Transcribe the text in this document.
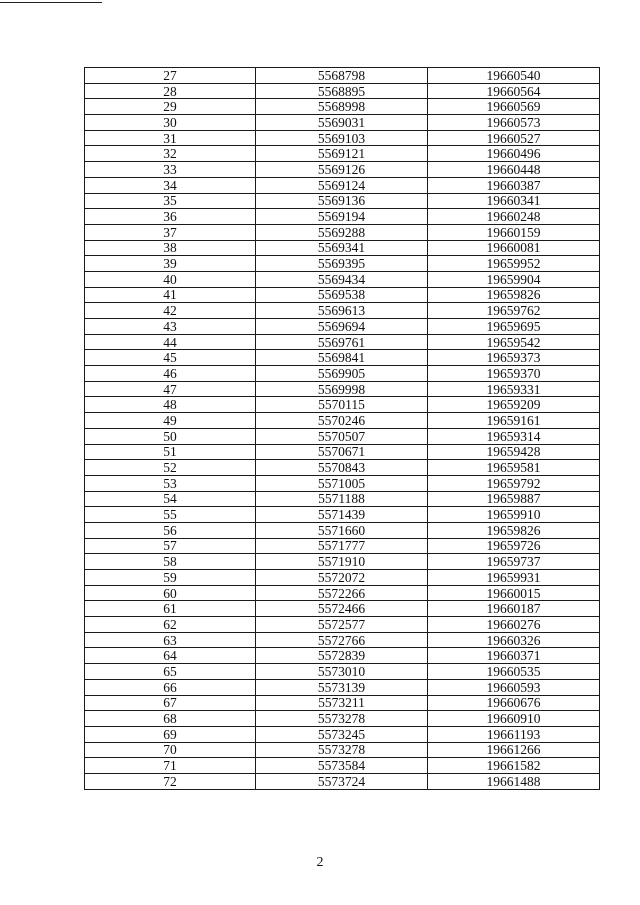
27	5568798	19660540
28	5568895	19660564
29	5568998	19660569
30	5569031	19660573
31	5569103	19660527
32	5569121	19660496
33	5569126	19660448
34	5569124	19660387
35	5569136	19660341
36	5569194	19660248
37	5569288	19660159
38	5569341	19660081
39	5569395	19659952
40	5569434	19659904
41	5569538	19659826
42	5569613	19659762
43	5569694	19659695
44	5569761	19659542
45	5569841	19659373
46	5569905	19659370
47	5569998	19659331
48	5570115	19659209
49	5570246	19659161
50	5570507	19659314
51	5570671	19659428
52	5570843	19659581
53	5571005	19659792
54	5571188	19659887
55	5571439	19659910
56	5571660	19659826
57	5571777	19659726
58	5571910	19659737
59	5572072	19659931
60	5572266	19660015
61	5572466	19660187
62	5572577	19660276
63	5572766	19660326
64	5572839	19660371
65	5573010	19660535
66	5573139	19660593
67	5573211	19660676
68	5573278	19660910
69	5573245	19661193
70	5573278	19661266
71	5573584	19661582
72	5573724	19661488
2
